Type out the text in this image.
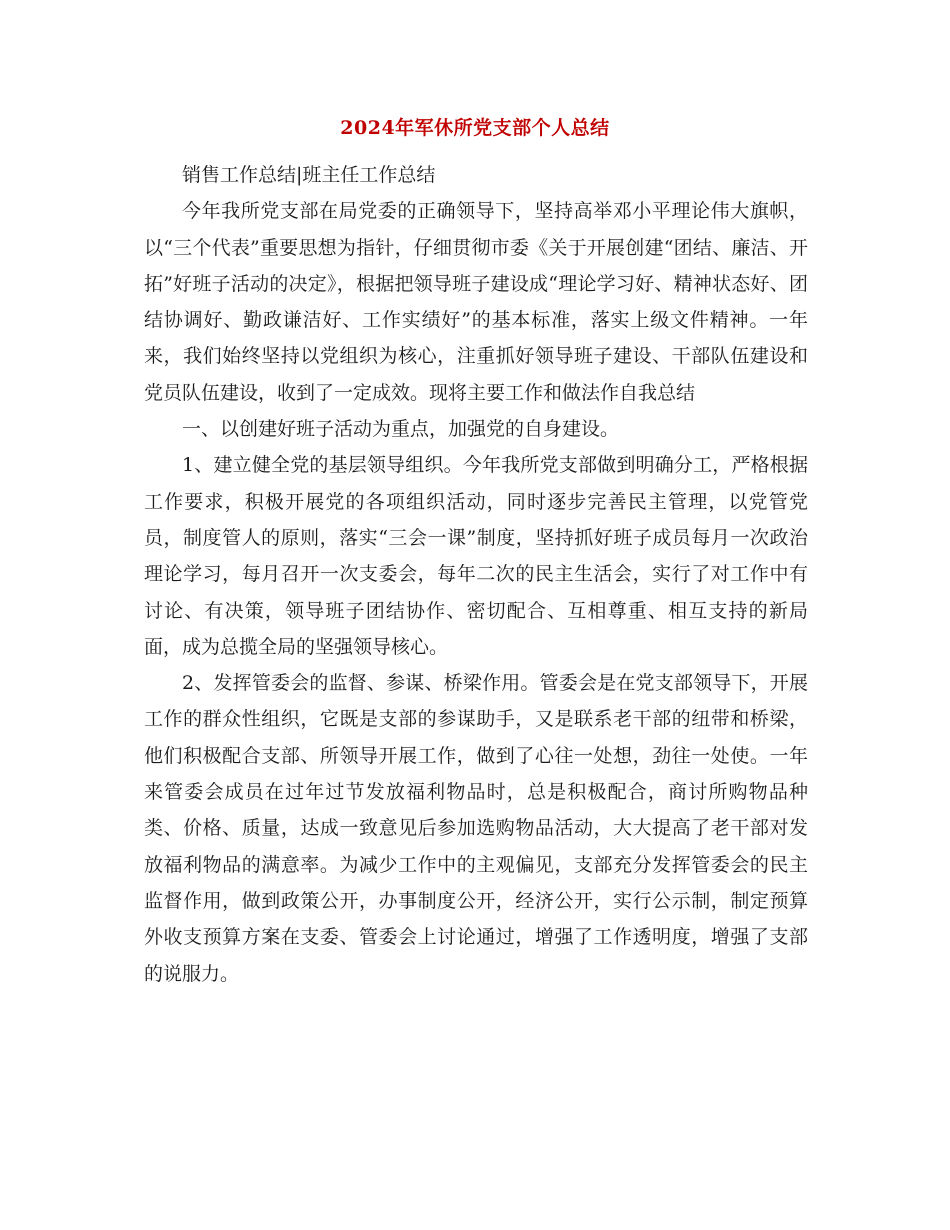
2024年军休所党支部个人总结

销售工作总结|班主任工作总结

今年我所党支部在局党委的正确领导下，坚持高举邓小平理论伟大旗帜，以“三个代表”重要思想为指针，仔细贯彻市委《关于开展创建“团结、廉洁、开拓”好班子活动的决定》，根据把领导班子建设成“理论学习好、精神状态好、团结协调好、勤政谦洁好、工作实绩好”的基本标准，落实上级文件精神。一年来，我们始终坚持以党组织为核心，注重抓好领导班子建设、干部队伍建设和党员队伍建设，收到了一定成效。现将主要工作和做法作自我总结

一、以创建好班子活动为重点，加强党的自身建设。

1、建立健全党的基层领导组织。今年我所党支部做到明确分工，严格根据工作要求，积极开展党的各项组织活动，同时逐步完善民主管理，以党管党员，制度管人的原则，落实“三会一课”制度，坚持抓好班子成员每月一次政治理论学习，每月召开一次支委会，每年二次的民主生活会，实行了对工作中有讨论、有决策，领导班子团结协作、密切配合、互相尊重、相互支持的新局面，成为总揽全局的坚强领导核心。

2、发挥管委会的监督、参谋、桥梁作用。管委会是在党支部领导下，开展工作的群众性组织，它既是支部的参谋助手，又是联系老干部的纽带和桥梁，他们积极配合支部、所领导开展工作，做到了心往一处想，劲往一处使。一年来管委会成员在过年过节发放福利物品时，总是积极配合，商讨所购物品种类、价格、质量，达成一致意见后参加选购物品活动，大大提高了老干部对发放福利物品的满意率。为减少工作中的主观偏见，支部充分发挥管委会的民主监督作用，做到政策公开，办事制度公开，经济公开，实行公示制，制定预算外收支预算方案在支委、管委会上讨论通过，增强了工作透明度，增强了支部的说服力。
